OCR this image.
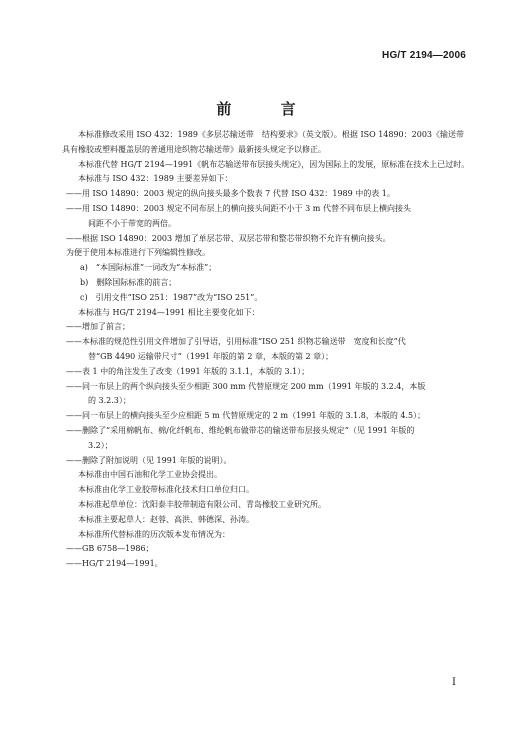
HG/T 2194—2006
前 言

本标准修改采用 ISO 432：1989《多层芯输送带　结构要求》（英文版）。根据 ISO 14890：2003《输送带　具有橡胶或塑料覆盖层的普通用途织物芯输送带》最新接头规定予以修正。

本标准代替 HG/T 2194—1991《帆布芯输送带布层接头规定》，因为国际上的发展，原标准在技术上已过时。

本标准与 ISO 432：1989 主要差异如下：

——用 ISO 14890：2003 规定的纵向接头最多个数表 7 代替 ISO 432：1989 中的表 1。

——用 ISO 14890：2003 规定不同布层上的横向接头间距不小于 3 m 代替不同布层上横向接头

间距不小于带宽的两倍。

——根据 ISO 14890：2003 增加了单层芯带、双层芯带和整芯带织物不允许有横向接头。

为便于使用本标准进行下列编辑性修改。

a)　“本国际标准”一词改为“本标准”；

b)　删除国际标准的前言；

c)　引用文件“ISO 251：1987”改为“ISO 251”。

本标准与 HG/T 2194—1991 相比主要变化如下：

——增加了前言；

——本标准的规范性引用文件增加了引导语，引用标准“ISO 251 织物芯输送带　宽度和长度”代

替“GB 4490 运输带尺寸”（1991 年版的第 2 章，本版的第 2 章）；

——表 1 中的角注发生了改变（1991 年版的 3.1.1，本版的 3.1）；

——同一布层上的两个纵向接头至少相距 300 mm 代替原规定 200 mm（1991 年版的 3.2.4，本版

的 3.2.3）；

——同一布层上的横向接头至少应相距 5 m 代替原规定的 2 m（1991 年版的 3.1.8，本版的 4.5）；

——删除了“采用棉帆布、棉/化纤帆布、维纶帆布做带芯的输送带布层接头规定”（见 1991 年版的

3.2）；

——删除了附加说明（见 1991 年版的说明）。

本标准由中国石油和化学工业协会提出。

本标准由化学工业胶带标准化技术归口单位归口。

本标准起草单位：沈阳泰丰胶带制造有限公司、青岛橡胶工业研究所。

本标准主要起草人：赵蓉、高洪、韩德深、孙涛。

本标准所代替标准的历次版本发布情况为：

——GB 6758—1986；

——HG/T 2194—1991。

I
